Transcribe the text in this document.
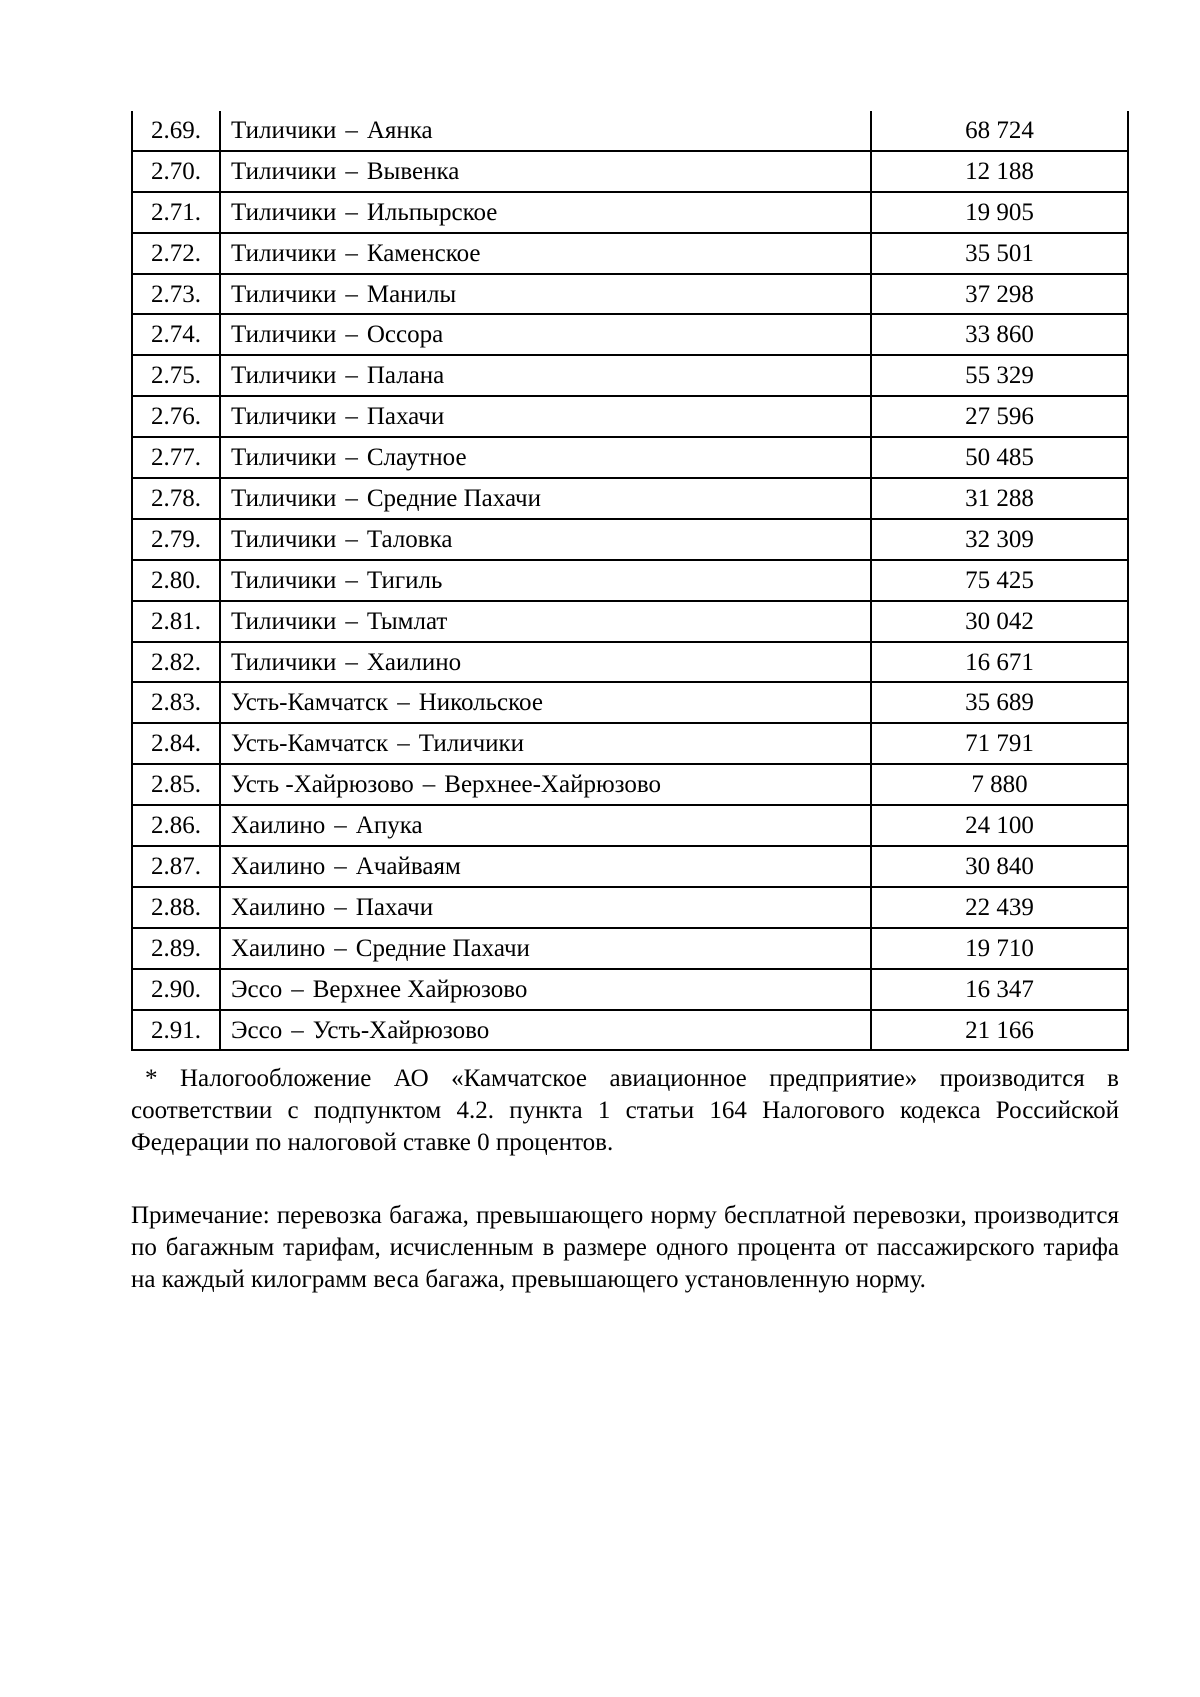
2.69.	Тиличики – Аянка	68 724
2.70.	Тиличики – Вывенка	12 188
2.71.	Тиличики – Ильпырское	19 905
2.72.	Тиличики – Каменское	35 501
2.73.	Тиличики – Манилы	37 298
2.74.	Тиличики – Оссора	33 860
2.75.	Тиличики – Палана	55 329
2.76.	Тиличики – Пахачи	27 596
2.77.	Тиличики – Слаутное	50 485
2.78.	Тиличики – Средние Пахачи	31 288
2.79.	Тиличики – Таловка	32 309
2.80.	Тиличики – Тигиль	75 425
2.81.	Тиличики – Тымлат	30 042
2.82.	Тиличики – Хаилино	16 671
2.83.	Усть-Камчатск – Никольское	35 689
2.84.	Усть-Камчатск – Тиличики	71 791
2.85.	Усть -Хайрюзово – Верхнее-Хайрюзово	7 880
2.86.	Хаилино – Апука	24 100
2.87.	Хаилино – Ачайваям	30 840
2.88.	Хаилино – Пахачи	22 439
2.89.	Хаилино – Средние Пахачи	19 710
2.90.	Эссо – Верхнее Хайрюзово	16 347
2.91.	Эссо – Усть-Хайрюзово	21 166

* Налогообложение АО «Камчатское авиационное предприятие» производится в соответствии с подпунктом 4.2. пункта 1 статьи 164 Налогового кодекса Российской Федерации по налоговой ставке 0 процентов.

Примечание: перевозка багажа, превышающего норму бесплатной перевозки, производится по багажным тарифам, исчисленным в размере одного процента от пассажирского тарифа на каждый килограмм веса багажа, превышающего установленную норму.
